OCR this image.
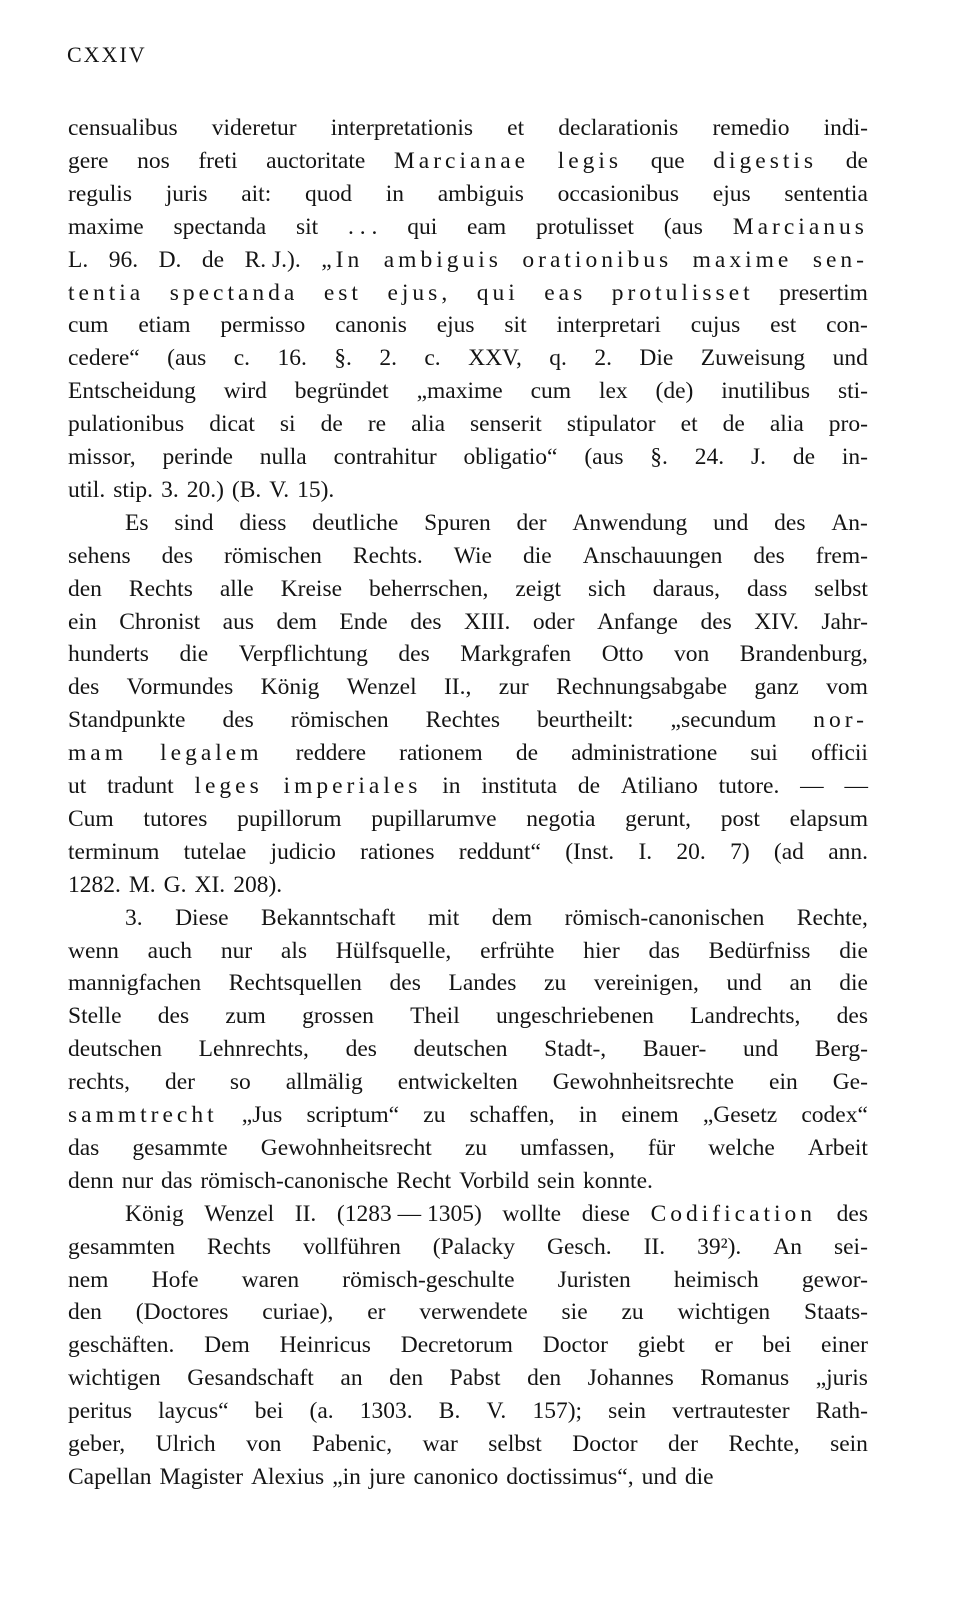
CXXIV
censualibus videretur interpretationis et declarationis remedio indi-
gere nos freti auctoritate Marcianae legis que digestis de
regulis juris ait: quod in ambiguis occasionibus ejus sententia
maxime spectanda sit . . . qui eam protulisset (aus Marcianus
L. 96. D. de R. J.). „In ambiguis orationibus maxime sen-
tentia spectanda est ejus, qui eas protulisset presertim
cum etiam permisso canonis ejus sit interpretari cujus est con-
cedere“ (aus c. 16. §. 2. c. XXV, q. 2. Die Zuweisung und
Entscheidung wird begründet „maxime cum lex (de) inutilibus sti-
pulationibus dicat si de re alia senserit stipulator et de alia pro-
missor, perinde nulla contrahitur obligatio“ (aus §. 24. J. de in-
util. stip. 3. 20.) (B. V. 15).
Es sind diess deutliche Spuren der Anwendung und des An-
sehens des römischen Rechts. Wie die Anschauungen des frem-
den Rechts alle Kreise beherrschen, zeigt sich daraus, dass selbst
ein Chronist aus dem Ende des XIII. oder Anfange des XIV. Jahr-
hunderts die Verpflichtung des Markgrafen Otto von Brandenburg,
des Vormundes König Wenzel II., zur Rechnungsabgabe ganz vom
Standpunkte des römischen Rechtes beurtheilt: „secundum nor-
mam legalem reddere rationem de administratione sui officii
ut tradunt leges imperiales in instituta de Atiliano tutore. — —
Cum tutores pupillorum pupillarumve negotia gerunt, post elapsum
terminum tutelae judicio rationes reddunt“ (Inst. I. 20. 7) (ad ann.
1282. M. G. XI. 208).
3. Diese Bekanntschaft mit dem römisch-canonischen Rechte,
wenn auch nur als Hülfsquelle, erfrühte hier das Bedürfniss die
mannigfachen Rechtsquellen des Landes zu vereinigen, und an die
Stelle des zum grossen Theil ungeschriebenen Landrechts, des
deutschen Lehnrechts, des deutschen Stadt-, Bauer- und Berg-
rechts, der so allmälig entwickelten Gewohnheitsrechte ein Ge-
sammtrecht „Jus scriptum“ zu schaffen, in einem „Gesetz codex“
das gesammte Gewohnheitsrecht zu umfassen, für welche Arbeit
denn nur das römisch-canonische Recht Vorbild sein konnte.
König Wenzel II. (1283 — 1305) wollte diese Codification des
gesammten Rechts vollführen (Palacky Gesch. II. 39²). An sei-
nem Hofe waren römisch-geschulte Juristen heimisch gewor-
den (Doctores curiae), er verwendete sie zu wichtigen Staats-
geschäften. Dem Heinricus Decretorum Doctor giebt er bei einer
wichtigen Gesandschaft an den Pabst den Johannes Romanus „juris
peritus laycus“ bei (a. 1303. B. V. 157); sein vertrautester Rath-
geber, Ulrich von Pabenic, war selbst Doctor der Rechte, sein
Capellan Magister Alexius „in jure canonico doctissimus“, und die
